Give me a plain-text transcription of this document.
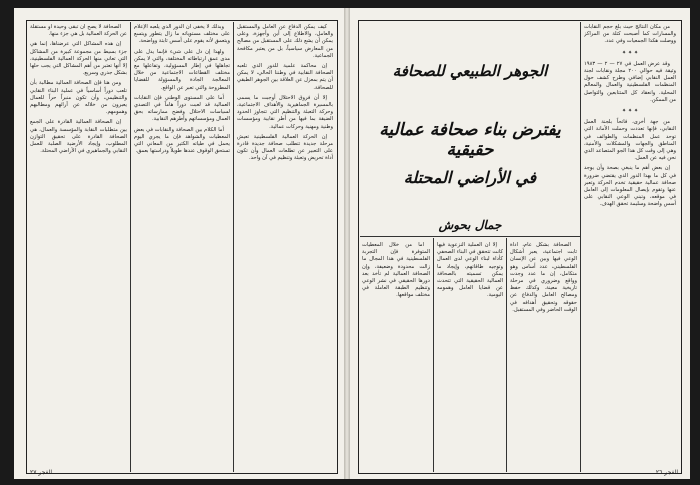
كيف يمكن الدفاع عن العامل والمستقبل والعامل، والاطلاع إلى أين وأجهزة، وعلى يمكن أن يشع ذلك على المستقبل من مصالح من المعارض سياسياً، بل من يعتبر مكافحة الجماعية.

إن محاكمة علمية للدور الذي تلعبه الصحافة النقابية في وطننا الحالي، لا يمكن أن يتم بمعزل عن العلاقة بين الجوهر الطبقي للصحافة.

إلا أن فروق الاحتلال أوجبت ما يسمى بالمسيرة الجماهيرية والأهداف الاجتماعية، وحركة التعبئة والتنظيم التي تتجاوز الحدود الضيقة بما فيها من أطر نقابية ومؤسسات وطنية ومهنية وحركات عمالية.

إن الحركة العمالية الفلسطينية تعيش مرحلة جديدة تتطلب صحافة جديدة قادرة على التعبير عن تطلعات العمال وأن تكون أداة تحريض وتعبئة وتنظيم في آن واحد.

وبذلك لا يخفى أن الدور الذي يلعبه الإعلام على مختلف مستوياته ما زال يتطور ويتسع ويتعمق لأنه يقوم على أسس ثابتة وواضحة.

ولهذا إن دل على شيء فإنما يدل على مدى عمق ارتباطاته المختلفة، والتي لا يمكن تجاهلها في إطار المسؤولية، وتفاعلها مع مختلف القطاعات الاجتماعية من خلال المعالجة الجادة والمسؤولة للقضايا المطروحة والتي تعبر عن الواقع.

أما على المستوى الوطني فإن النقابات العمالية قد لعبت دوراً هاماً في التصدي لسياسات الاحتلال وفضح ممارساته بحق العمال ومؤسساتهم وأطرهم النقابية.

أما الكلام بين الصحافة والنقابات في بعض المعطيات والشواهد فإن ما يجري اليوم يحمل في طياته الكثير من المعاني التي تستحق الوقوف عندها طويلاً ودراستها بعمق.

الصحافة لا يصح أن تبقى وحيدة أو مستقلة عن الحركة العمالية بل هي جزء منها.

إن هذه المشاكل التي عرضناها، إنما هي جزء بسيط من مجموعة كبيرة من المشاكل التي تعاني منها الحركة العمالية الفلسطينية، إلا أنها تعتبر من أهم المشاكل التي يجب حلها بشكل جذري وسريع.

ومن هنا فإن الصحافة العمالية مطالبة بأن تلعب دوراً أساسياً في عملية البناء النقابي والتنظيمي، وأن تكون منبراً حراً للعمال يعبرون من خلاله عن آرائهم ومطالبهم وهمومهم.

إن الصحافة العمالية القادرة على الجمع بين متطلبات النقابة والمؤسسة والعمال، هي الصحافة القادرة على تحقيق التوازن المطلوب، وإيجاد الأرضية الصلبة للعمل النقابي والجماهيري في الأراضي المحتلة.

الفجر ٢٧
الجوهر الطبيعي للصحافة
يفترض بناء صحافة عمالية حقيقية
في الأراضي المحتلة
جمال بحوش

من مكان النتائج حيث بلغ حجم النقابات والمسارات كما أصبحت كتلة من المراكز ووصلت هكذا الجمعيات وفي عدد.

✦ ✦ ✦

وقد عرض العمل في ٢٧ — ٢ — ١٩٨٣ وثيقة فيه حوالي ٢٠٠ مجلة ونقابات لجنة العمل النقابي إضافي وطرح كشف حول المنظمات الفلسطينية والعمال والمعالم المحلية. وانعقاد كل المتتابعين والتواصل من الممكن.

✦ ✦ ✦

من جهة أخرى، فاتحاً بلجنة العمل النقابي، فإنها تعددت وحملت الأمانة التي توحد عمل المنظمات والطوائف في المناطق والجهات والمشكلات والأمنية، وهي إلى وقت كل هذا الجو المتصاعد الذي نحن فيه عن العمل.

إن بعض أهم ما ينبغي بصحة وأن يوجد في كل ما بهذا الدور الذي يقتضي ضرورة صحافة عمالية حقيقية تخدم الحركة وتعبر عنها وتقوم بإيصال المعلومات إلى العامل في موقعه، وتبني الوعي النقابي على أسس واضحة وسليمة تحقق الهدف.

الصحافة بشكل عام، أداة ثابت اجتماعية، يعبر أشكال الوعي فيها وبين عن الإنسان الفلسطيني، عدد أساس وهو متكامل، إن ما عدد وجدت وواقع وضروري في مرحلة تاريخية معينة. وكذلك حفظ ومصالح العامل والدفاع عن حقوقه وتحقيق أهدافه في الوقت الحاضر وفي المستقبل.

إلا أن العملية النزعوية فيها كانت تتحقق في البناء الصحفي كأداة لبناء الوعي لدى العمال وتوجيه طاقاتهم، وإيجاد ما يمكن تسميته بالصحافة العمالية الحقيقية التي تتحدث عن قضايا العامل وهمومه اليومية.

أما من خلال المعطيات المتوفرة فإن التجربة الفلسطينية في هذا المجال ما زالت محدودة وضعيفة، وإن الصحافة العمالية لم تأخذ بعد دورها الحقيقي في نشر الوعي وتنظيم الطبقة العاملة في مختلف مواقعها.

الفجر ٢٦
